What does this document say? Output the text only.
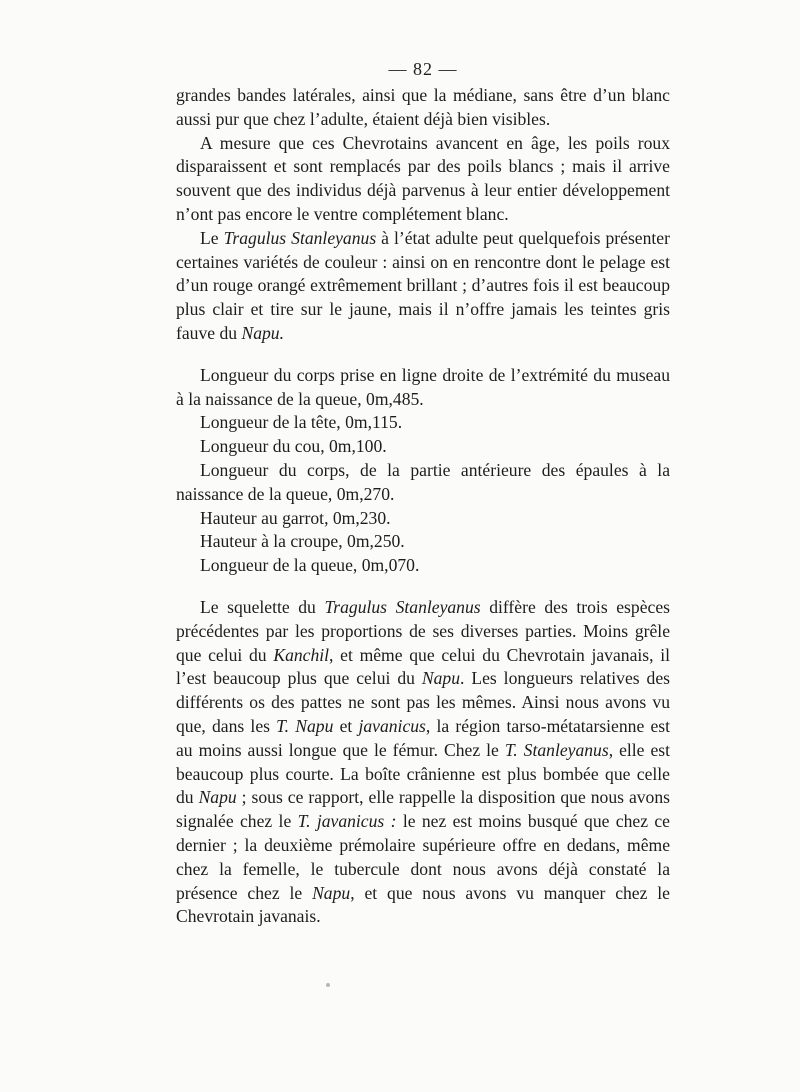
— 82 —

grandes bandes latérales, ainsi que la médiane, sans être d’un blanc aussi pur que chez l’adulte, étaient déjà bien visibles.

A mesure que ces Chevrotains avancent en âge, les poils roux disparaissent et sont remplacés par des poils blancs ; mais il arrive souvent que des individus déjà parvenus à leur entier développement n’ont pas encore le ventre complétement blanc.

Le Tragulus Stanleyanus à l’état adulte peut quelquefois présenter certaines variétés de couleur : ainsi on en rencontre dont le pelage est d’un rouge orangé extrêmement brillant ; d’autres fois il est beaucoup plus clair et tire sur le jaune, mais il n’offre jamais les teintes gris fauve du Napu.

Longueur du corps prise en ligne droite de l’extrémité du museau à la naissance de la queue, 0m,485.

Longueur de la tête, 0m,115.

Longueur du cou, 0m,100.

Longueur du corps, de la partie antérieure des épaules à la naissance de la queue, 0m,270.

Hauteur au garrot, 0m,230.

Hauteur à la croupe, 0m,250.

Longueur de la queue, 0m,070.

Le squelette du Tragulus Stanleyanus diffère des trois espèces précédentes par les proportions de ses diverses parties. Moins grêle que celui du Kanchil, et même que celui du Chevrotain javanais, il l’est beaucoup plus que celui du Napu. Les longueurs relatives des différents os des pattes ne sont pas les mêmes. Ainsi nous avons vu que, dans les T. Napu et javanicus, la région tarso-métatarsienne est au moins aussi longue que le fémur. Chez le T. Stanleyanus, elle est beaucoup plus courte. La boîte crânienne est plus bombée que celle du Napu ; sous ce rapport, elle rappelle la disposition que nous avons signalée chez le T. javanicus : le nez est moins busqué que chez ce dernier ; la deuxième prémolaire supérieure offre en dedans, même chez la femelle, le tubercule dont nous avons déjà constaté la présence chez le Napu, et que nous avons vu manquer chez le Chevrotain javanais.
